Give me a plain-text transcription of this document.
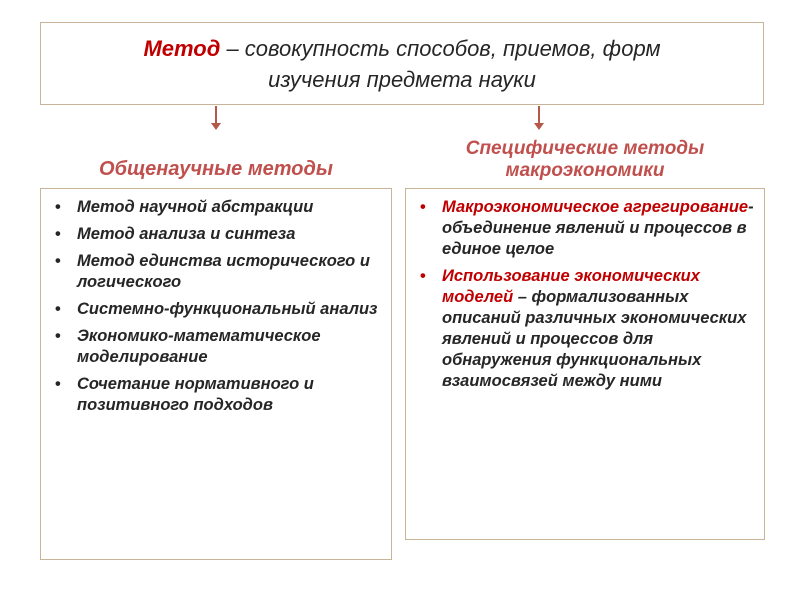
Метод – совокупность способов, приемов, форм
изучения предмета науки
Общенаучные методы
Специфические методы
макроэкономики
• Метод научной абстракции
• Метод анализа и синтеза
• Метод единства исторического и логического
• Системно-функциональный анализ
• Экономико-математическое моделирование
• Сочетание нормативного и позитивного подходов
• Макроэкономическое агрегирование-объединение явлений и процессов в единое целое
• Использование экономических моделей – формализованных описаний различных экономических явлений и процессов для обнаружения функциональных взаимосвязей между ними
